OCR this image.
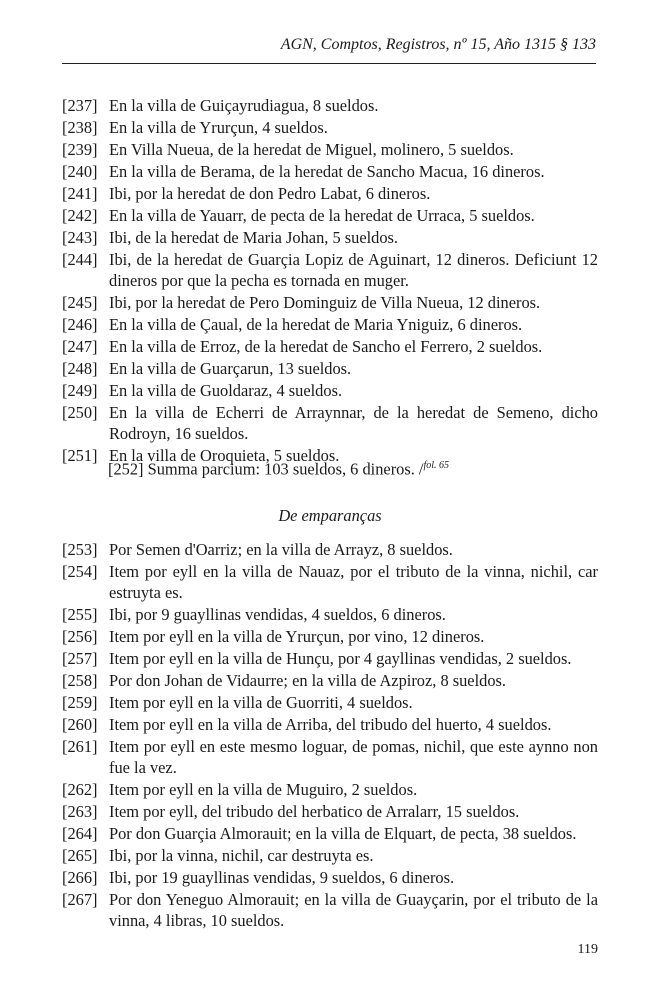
AGN, Comptos, Registros, nº 15, Año 1315 § 133
[237] En la villa de Guiçayrudiagua, 8 sueldos.
[238] En la villa de Yrurçun, 4 sueldos.
[239] En Villa Nueua, de la heredat de Miguel, molinero, 5 sueldos.
[240] En la villa de Berama, de la heredat de Sancho Macua, 16 dineros.
[241] Ibi, por la heredat de don Pedro Labat, 6 dineros.
[242] En la villa de Yauarr, de pecta de la heredat de Urraca, 5 sueldos.
[243] Ibi, de la heredat de Maria Johan, 5 sueldos.
[244] Ibi, de la heredat de Guarçia Lopiz de Aguinart, 12 dineros. Deficiunt 12 dineros por que la pecha es tornada en muger.
[245] Ibi, por la heredat de Pero Dominguiz de Villa Nueua, 12 dineros.
[246] En la villa de Çaual, de la heredat de Maria Yniguiz, 6 dineros.
[247] En la villa de Erroz, de la heredat de Sancho el Ferrero, 2 sueldos.
[248] En la villa de Guarçarun, 13 sueldos.
[249] En la villa de Guoldaraz, 4 sueldos.
[250] En la villa de Echerri de Arraynnar, de la heredat de Semeno, dicho Rodroyn, 16 sueldos.
[251] En la villa de Oroquieta, 5 sueldos.
[252] Summa parcium: 103 sueldos, 6 dineros. /$^{fol. 65}$
De emparanças
[253] Por Semen d'Oarriz; en la villa de Arrayz, 8 sueldos.
[254] Item por eyll en la villa de Nauaz, por el tributo de la vinna, nichil, car estruyta es.
[255] Ibi, por 9 guayllinas vendidas, 4 sueldos, 6 dineros.
[256] Item por eyll en la villa de Yrurçun, por vino, 12 dineros.
[257] Item por eyll en la villa de Hunçu, por 4 gayllinas vendidas, 2 sueldos.
[258] Por don Johan de Vidaurre; en la villa de Azpiroz, 8 sueldos.
[259] Item por eyll en la villa de Guorriti, 4 sueldos.
[260] Item por eyll en la villa de Arriba, del tribudo del huerto, 4 sueldos.
[261] Item por eyll en este mesmo loguar, de pomas, nichil, que este aynno non fue la vez.
[262] Item por eyll en la villa de Muguiro, 2 sueldos.
[263] Item por eyll, del tribudo del herbatico de Arralarr, 15 sueldos.
[264] Por don Guarçia Almorauit; en la villa de Elquart, de pecta, 38 sueldos.
[265] Ibi, por la vinna, nichil, car destruyta es.
[266] Ibi, por 19 guayllinas vendidas, 9 sueldos, 6 dineros.
[267] Por don Yeneguo Almorauit; en la villa de Guayçarin, por el tributo de la vinna, 4 libras, 10 sueldos.
119
